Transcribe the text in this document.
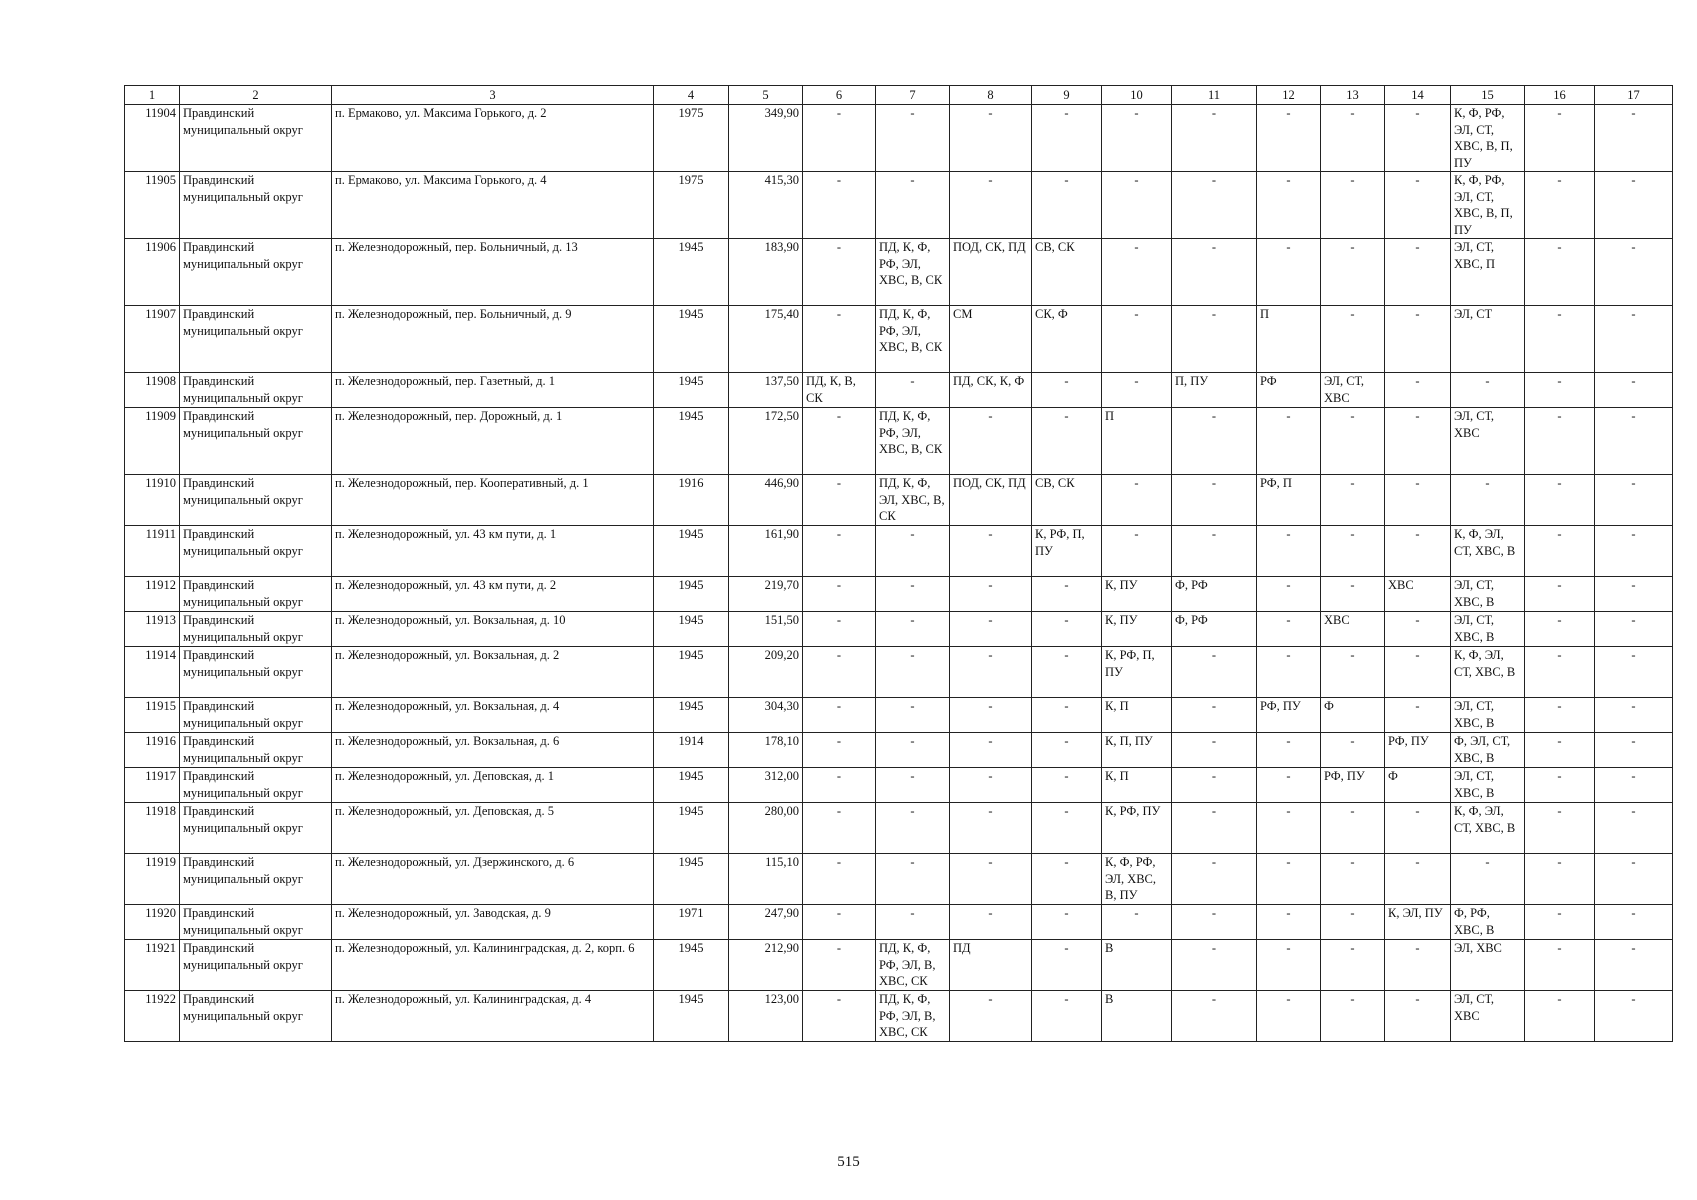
1	2	3	4	5	6	7	8	9	10	11	12	13	14	15	16	17
11904	Правдинский муниципальный округ	п. Ермаково, ул. Максима Горького, д. 2	1975	349,90	-	-	-	-	-	-	-	-	-	К, Ф, РФ, ЭЛ, СТ, ХВС, В, П, ПУ	-	-
11905	Правдинский муниципальный округ	п. Ермаково, ул. Максима Горького, д. 4	1975	415,30	-	-	-	-	-	-	-	-	-	К, Ф, РФ, ЭЛ, СТ, ХВС, В, П, ПУ	-	-
11906	Правдинский муниципальный округ	п. Железнодорожный, пер. Больничный, д. 13	1945	183,90	-	ПД, К, Ф, РФ, ЭЛ, ХВС, В, СК	ПОД, СК, ПД	СВ, СК	-	-	-	-	-	ЭЛ, СТ, ХВС, П	-	-
11907	Правдинский муниципальный округ	п. Железнодорожный, пер. Больничный, д. 9	1945	175,40	-	ПД, К, Ф, РФ, ЭЛ, ХВС, В, СК	СМ	СК, Ф	-	-	П	-	-	ЭЛ, СТ	-	-
11908	Правдинский муниципальный округ	п. Железнодорожный, пер. Газетный, д. 1	1945	137,50	ПД, К, В, СК	-	ПД, СК, К, Ф	-	-	П, ПУ	РФ	ЭЛ, СТ, ХВС	-	-	-	-
11909	Правдинский муниципальный округ	п. Железнодорожный, пер. Дорожный, д. 1	1945	172,50	-	ПД, К, Ф, РФ, ЭЛ, ХВС, В, СК	-	-	П	-	-	-	-	ЭЛ, СТ, ХВС	-	-
11910	Правдинский муниципальный округ	п. Железнодорожный, пер. Кооперативный, д. 1	1916	446,90	-	ПД, К, Ф, ЭЛ, ХВС, В, СК	ПОД, СК, ПД	СВ, СК	-	-	РФ, П	-	-	-	-	-
11911	Правдинский муниципальный округ	п. Железнодорожный, ул. 43 км пути, д. 1	1945	161,90	-	-	-	К, РФ, П, ПУ	-	-	-	-	-	К, Ф, ЭЛ, СТ, ХВС, В	-	-
11912	Правдинский муниципальный округ	п. Железнодорожный, ул. 43 км пути, д. 2	1945	219,70	-	-	-	-	К, ПУ	Ф, РФ	-	-	ХВС	ЭЛ, СТ, ХВС, В	-	-
11913	Правдинский муниципальный округ	п. Железнодорожный, ул. Вокзальная, д. 10	1945	151,50	-	-	-	-	К, ПУ	Ф, РФ	-	ХВС	-	ЭЛ, СТ, ХВС, В	-	-
11914	Правдинский муниципальный округ	п. Железнодорожный, ул. Вокзальная, д. 2	1945	209,20	-	-	-	-	К, РФ, П, ПУ	-	-	-	-	К, Ф, ЭЛ, СТ, ХВС, В	-	-
11915	Правдинский муниципальный округ	п. Железнодорожный, ул. Вокзальная, д. 4	1945	304,30	-	-	-	-	К, П	-	РФ, ПУ	Ф	-	ЭЛ, СТ, ХВС, В	-	-
11916	Правдинский муниципальный округ	п. Железнодорожный, ул. Вокзальная, д. 6	1914	178,10	-	-	-	-	К, П, ПУ	-	-	-	РФ, ПУ	Ф, ЭЛ, СТ, ХВС, В	-	-
11917	Правдинский муниципальный округ	п. Железнодорожный, ул. Деповская, д. 1	1945	312,00	-	-	-	-	К, П	-	-	РФ, ПУ	Ф	ЭЛ, СТ, ХВС, В	-	-
11918	Правдинский муниципальный округ	п. Железнодорожный, ул. Деповская, д. 5	1945	280,00	-	-	-	-	К, РФ, ПУ	-	-	-	-	К, Ф, ЭЛ, СТ, ХВС, В	-	-
11919	Правдинский муниципальный округ	п. Железнодорожный, ул. Дзержинского, д. 6	1945	115,10	-	-	-	-	К, Ф, РФ, ЭЛ, ХВС, В, ПУ	-	-	-	-	-	-	-
11920	Правдинский муниципальный округ	п. Железнодорожный, ул. Заводская, д. 9	1971	247,90	-	-	-	-	-	-	-	-	К, ЭЛ, ПУ	Ф, РФ, ХВС, В	-	-
11921	Правдинский муниципальный округ	п. Железнодорожный, ул. Калининградская, д. 2, корп. 6	1945	212,90	-	ПД, К, Ф, РФ, ЭЛ, В, ХВС, СК	ПД	-	В	-	-	-	-	ЭЛ, ХВС	-	-
11922	Правдинский муниципальный округ	п. Железнодорожный, ул. Калининградская, д. 4	1945	123,00	-	ПД, К, Ф, РФ, ЭЛ, В, ХВС, СК	-	-	В	-	-	-	-	ЭЛ, СТ, ХВС	-	-
515
